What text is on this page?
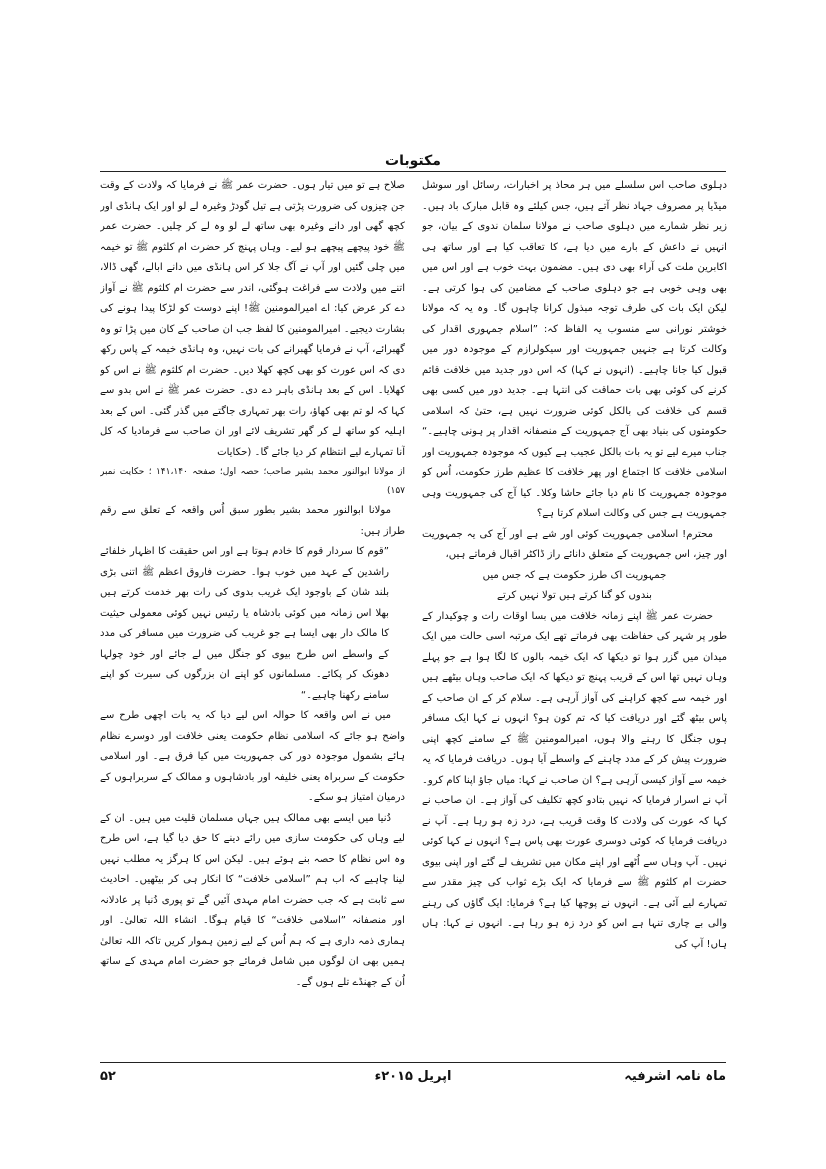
مکتوبات

دہلوی صاحب اس سلسلے میں ہر محاذ پر اخبارات، رسائل اور سوشل میڈیا پر مصروف جہاد نظر آتے ہیں، جس کیلئے وہ قابل مبارک باد ہیں۔ زیر نظر شمارے میں دہلوی صاحب نے مولانا سلمان ندوی کے بیان، جو انہیں نے داعش کے بارے میں دیا ہے، کا تعاقب کیا ہے اور ساتھ ہی اکابرین ملت کی آراء بھی دی ہیں۔ مضمون بہت خوب ہے اور اس میں بھی وہی خوبی ہے جو دہلوی صاحب کے مضامین کی ہوا کرتی ہے۔ لیکن ایک بات کی طرف توجہ مبذول کرانا چاہوں گا۔ وہ یہ کہ مولانا خوشتر نورانی سے منسوب یہ الفاظ کہ: ”اسلام جمہوری اقدار کی وکالت کرتا ہے جنہیں جمہوریت اور سیکولرازم کے موجودہ دور میں قبول کیا جانا چاہیے۔ (انہوں نے کہا) کہ اس دور جدید میں خلافت قائم کرنے کی کوئی بھی بات حماقت کی انتہا ہے۔ جدید دور میں کسی بھی قسم کی خلافت کی بالکل کوئی ضرورت نہیں ہے، حتیٰ کہ اسلامی حکومتوں کی بنیاد بھی آج جمہوریت کے منصفانہ اقدار پر ہونی چاہیے۔“ جناب میرے لیے تو یہ بات بالکل عجیب ہے کیوں کہ موجودہ جمہوریت اور اسلامی خلافت کا اجتماع اور پھر خلافت کا عظیم طرز حکومت، اُس کو موجودہ جمہوریت کا نام دیا جائے حاشا وکلا۔ کیا آج کی جمہوریت وہی جمہوریت ہے جس کی وکالت اسلام کرتا ہے؟

محترم! اسلامی جمہوریت کوئی اور شے ہے اور آج کی یہ جمہوریت اور چیز، اس جمہوریت کے متعلق دانائے راز ڈاکٹر اقبال فرماتے ہیں،

جمہوریت اک طرز حکومت ہے کہ جس میں

بندوں کو گنا کرتے ہیں تولا نہیں کرتے

حضرت عمر ﷺ اپنے زمانہ خلافت میں بسا اوقات رات و چوکیدار کے طور پر شہر کی حفاظت بھی فرماتے تھے ایک مرتبہ اسی حالت میں ایک میدان میں گزر ہوا تو دیکھا کہ ایک خیمہ بالوں کا لگا ہوا ہے جو پہلے وہاں نہیں تھا اس کے قریب پہنچ تو دیکھا کہ ایک صاحب وہاں بیٹھے ہیں اور خیمہ سے کچھ کراہنے کی آواز آرہی ہے۔ سلام کر کے ان صاحب کے پاس بیٹھ گئے اور دریافت کیا کہ تم کون ہو؟ انہوں نے کہا ایک مسافر ہوں جنگل کا رہنے والا ہوں، امیرالمومنین ﷺ کے سامنے کچھ اپنی ضرورت پیش کر کے مدد چاہنے کے واسطے آیا ہوں۔ دریافت فرمایا کہ یہ خیمہ سے آواز کیسی آرہی ہے؟ ان صاحب نے کہا: میاں جاؤ اپنا کام کرو۔ آپ نے اسرار فرمایا کہ نہیں بتادو کچھ تکلیف کی آواز ہے۔ ان صاحب نے کہا کہ عورت کی ولادت کا وقت قریب ہے، درد زہ ہو رہا ہے۔ آپ نے دریافت فرمایا کہ کوئی دوسری عورت بھی پاس ہے؟ انہوں نے کہا کوئی نہیں۔ آپ وہاں سے اُٹھے اور اپنے مکان میں تشریف لے گئے اور اپنی بیوی حضرت ام کلثوم ﷺ سے فرمایا کہ ایک بڑے ثواب کی چیز مقدر سے تمہارے لیے آئی ہے۔ انہوں نے پوچھا کیا ہے؟ فرمایا: ایک گاؤں کی رہنے والی بے چاری تنہا ہے اس کو درد زہ ہو رہا ہے۔ انہوں نے کہا: ہاں ہاں! آپ کی

صلاح ہے تو میں تیار ہوں۔ حضرت عمر ﷺ نے فرمایا کہ ولادت کے وقت جن چیزوں کی ضرورت پڑتی ہے تیل گودڑ وغیرہ لے لو اور ایک ہانڈی اور کچھ گھی اور دانے وغیرہ بھی ساتھ لے لو وہ لے کر چلیں۔ حضرت عمر ﷺ خود پیچھے پیچھے ہو لیے۔ وہاں پہنچ کر حضرت ام کلثوم ﷺ تو خیمہ میں چلی گئیں اور آپ نے آگ جلا کر اس ہانڈی میں دانے ابالے، گھی ڈالا، اتنے میں ولادت سے فراغت ہوگئی، اندر سے حضرت ام کلثوم ﷺ نے آواز دے کر عرض کیا: اے امیرالمومنین ﷺ! اپنے دوست کو لڑکا پیدا ہونے کی بشارت دیجیے۔ امیرالمومنین کا لفظ جب ان صاحب کے کان میں پڑا تو وہ گھبرائے، آپ نے فرمایا گھبرانے کی بات نہیں، وہ ہانڈی خیمہ کے پاس رکھ دی کہ اس عورت کو بھی کچھ کھلا دیں۔ حضرت ام کلثوم ﷺ نے اس کو کھلایا۔ اس کے بعد ہانڈی باہر دے دی۔ حضرت عمر ﷺ نے اس بدو سے کہا کہ لو تم بھی کھاؤ، رات بھر تمہاری جاگتے میں گذر گئی۔ اس کے بعد اہلیہ کو ساتھ لے کر گھر تشریف لائے اور ان صاحب سے فرمادیا کہ کل آنا تمہارے لیے انتظام کر دیا جائے گا۔ (حکایات

از مولانا ابوالنور محمد بشیر صاحب؛ حصہ اول؛ صفحہ ۱۴۱،۱۴۰ ؛ حکایت نمبر ۱۵۷)

مولانا ابوالنور محمد بشیر بطور سبق اُس واقعہ کے تعلق سے رقم طراز ہیں:

”قوم کا سردار قوم کا خادم ہوتا ہے اور اس حقیقت کا اظہار خلفائے راشدین کے عہد میں خوب ہوا۔ حضرت فاروق اعظم ﷺ اتنی بڑی بلند شان کے باوجود ایک غریب بدوی کی رات بھر خدمت کرتے ہیں بھلا اس زمانہ میں کوئی بادشاہ یا رئیس نہیں کوئی معمولی حیثیت کا مالک دار بھی ایسا ہے جو غریب کی ضرورت میں مسافر کی مدد کے واسطے اس طرح بیوی کو جنگل میں لے جائے اور خود چولہا دھونک کر پکائے۔ مسلمانوں کو اپنے ان بزرگوں کی سیرت کو اپنے سامنے رکھنا چاہیے۔“

میں نے اس واقعہ کا حوالہ اس لیے دیا کہ یہ بات اچھی طرح سے واضح ہو جائے کہ اسلامی نظام حکومت یعنی خلافت اور دوسرے نظام ہائے بشمول موجودہ دور کی جمہوریت میں کیا فرق ہے۔ اور اسلامی حکومت کے سربراہ یعنی خلیفہ اور بادشاہوں و ممالک کے سربراہوں کے درمیان امتیاز ہو سکے۔

دُنیا میں ایسے بھی ممالک ہیں جہاں مسلمان قلیت میں ہیں۔ ان کے لیے وہاں کی حکومت سازی میں رائے دینے کا حق دیا گیا ہے، اس طرح وہ اس نظام کا حصہ بنے ہوئے ہیں۔ لیکن اس کا ہرگز یہ مطلب نہیں لینا چاہیے کہ اب ہم ”اسلامی خلافت“ کا انکار ہی کر بیٹھیں۔ احادیث سے ثابت ہے کہ جب حضرت امام مہدی آئیں گے تو پوری دُنیا پر عادلانہ اور منصفانہ ”اسلامی خلافت“ کا قیام ہوگا۔ انشاء اللہ تعالیٰ۔ اور ہماری ذمہ داری ہے کہ ہم اُس کے لیے زمین ہموار کریں تاکہ اللہ تعالیٰ ہمیں بھی ان لوگوں میں شامل فرمائے جو حضرت امام مہدی کے ساتھ اُن کے جھنڈے تلے ہوں گے۔

ماہ نامہ اشرفیہ
اپریل ۲۰۱۵ء
۵۲
